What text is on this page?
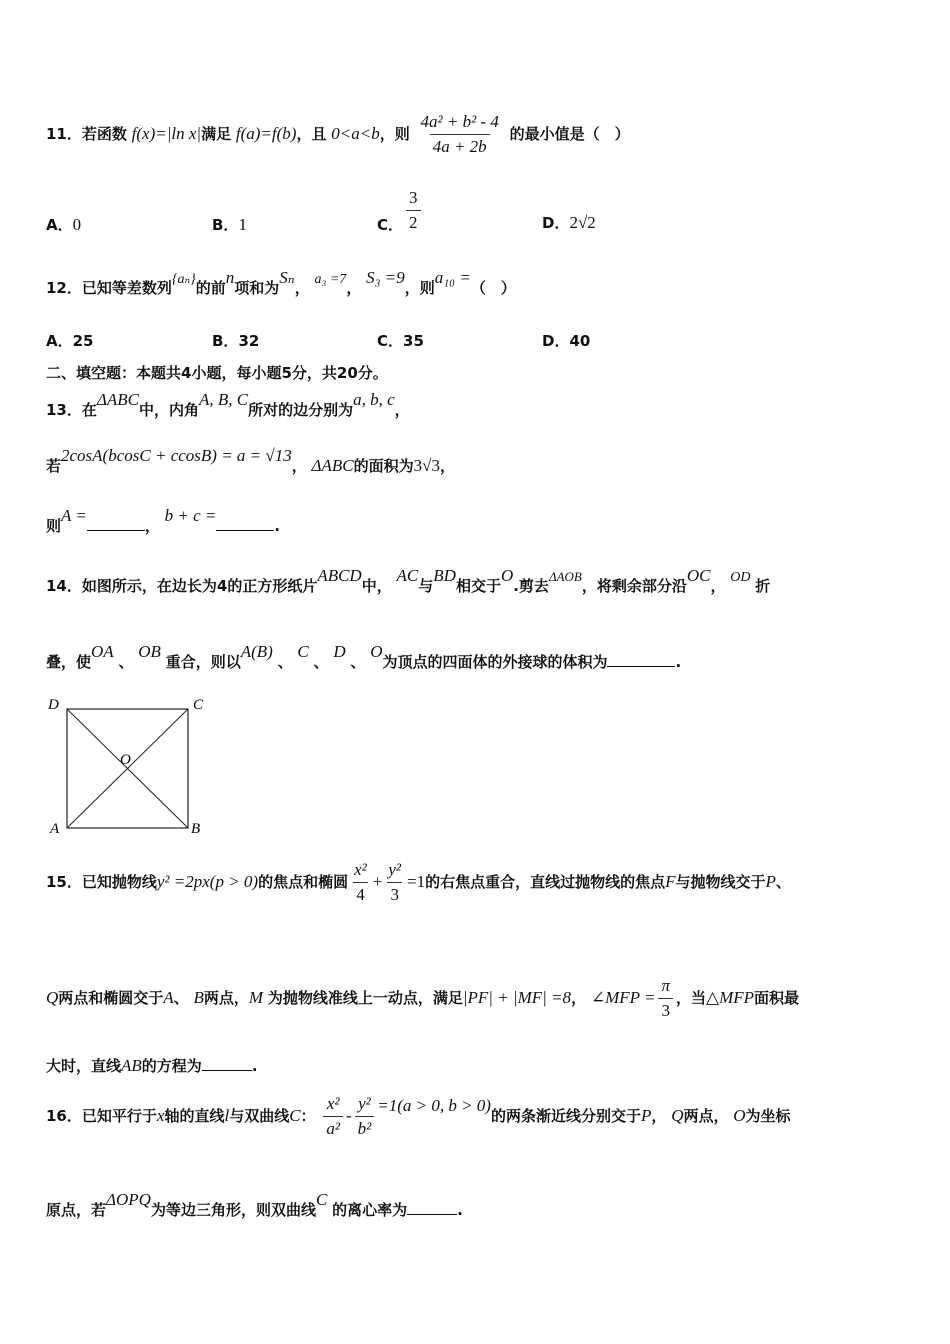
11．若函数 f(x)=|ln x|满足 f(a)=f(b)，且 0<a<b，则 $\frac{\text{4a² + b² - 4}}{4a + 2b}$ 的最小值是（　）
A．0	B．1	C． $\frac{3}{2}$	D．2√2
12．已知等差数列{aₙ}的前n项和为Sₙ， a₃ =7， S₃ =9，则a₁₀ =（　）
A．25	B．32	C．35	D．40
二、填空题：本题共4小题，每小题5分，共20分。
13．在ΔABC中，内角A, B, C所对的边分别为a, b, c，
若2cosA(bcosC + ccosB) = a = √13， ΔABC的面积为3√3，
则A =， b + c =.
14．如图所示，在边长为4的正方形纸片ABCD中， AC与BD相交于O.剪去ΔAOB，将剩余部分沿OC， OD 折
叠，使OA 、 OB 重合，则以A(B) 、 C 、 D 、 O为顶点的四面体的外接球的体积为	.
D	C
A	B
O
15．已知抛物线y² =2px(p > 0)的焦点和椭圆 $\frac{\text{x²}}{4} + \frac{\text{y²}}{3} =1$的右焦点重合，直线过抛物线的焦点F与抛物线交于P、
Q两点和椭圆交于A、 B两点，M 为抛物线准线上一动点，满足|PF| + |MF| =8， ∠MFP = $\frac{\pi}{3}$ ，当△MFP面积最
大时，直线AB的方程为	.
16．已知平行于x轴的直线l与双曲线C： $\frac{\text{x²}}{\text{a²}} - \frac{\text{y²}}{\text{b²}} =1(a > 0$, b > 0)的两条渐近线分别交于P， Q两点， O为坐标
原点，若ΔOPQ为等边三角形，则双曲线C 的离心率为	.
